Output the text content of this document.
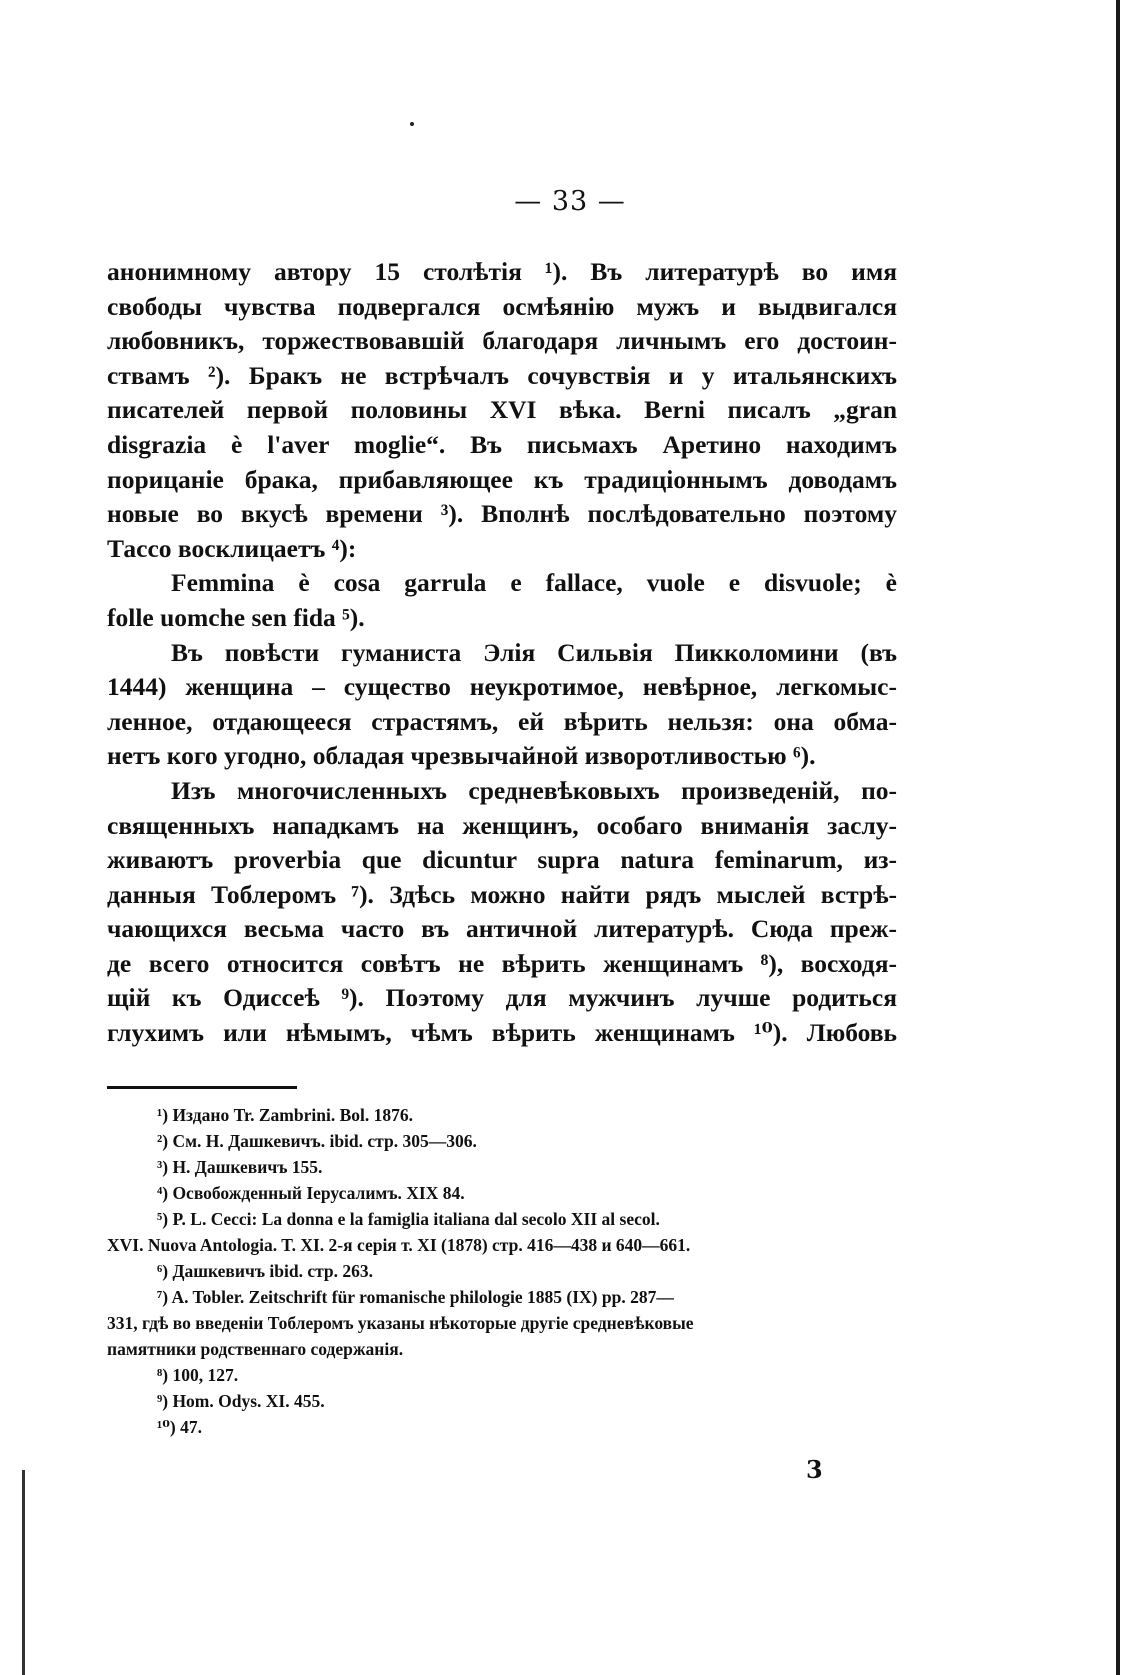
— 33 —

анонимному автору 15 столѣтія ¹). Въ литературѣ во имя
свободы чувства подвергался осмѣянію мужъ и выдвигался
любовникъ, торжествовавшій благодаря личнымъ его достоин-
ствамъ ²). Бракъ не встрѣчалъ сочувствія и у итальянскихъ
писателей первой половины XVI вѣка. Berni писалъ „gran
disgrazia è l'aver moglie“. Въ письмахъ Аретино находимъ
порицаніе брака, прибавляющее къ традиціоннымъ доводамъ
новые во вкусѣ времени ³). Вполнѣ послѣдовательно поэтому
Тассо восклицаетъ ⁴):

Femmina è cosa garrula e fallace, vuole e disvuole; è
folle uomche sen fida ⁵).

Въ повѣсти гуманиста Элія Сильвія Пикколомини (въ
1444) женщина – существо неукротимое, невѣрное, легкомыс-
ленное, отдающееся страстямъ, ей вѣрить нельзя: она обма-
нетъ кого угодно, обладая чрезвычайной изворотливостью ⁶).

Изъ многочисленныхъ средневѣковыхъ произведеній, по-
священныхъ нападкамъ на женщинъ, особаго вниманія заслу-
живаютъ proverbia que dicuntur supra natura feminarum, из-
данныя Тоблеромъ ⁷). Здѣсь можно найти рядъ мыслей встрѣ-
чающихся весьма часто въ античной литературѣ. Сюда преж-
де всего относится совѣтъ не вѣрить женщинамъ ⁸), восходя-
щій къ Одиссеѣ ⁹). Поэтому для мужчинъ лучше родиться
глухимъ или нѣмымъ, чѣмъ вѣрить женщинамъ ¹⁰). Любовь

¹) Издано Tr. Zambrini. Bol. 1876.

²) См. Н. Дашкевичъ. ibid. стр. 305—306.

³) Н. Дашкевичъ 155.

⁴) Освобожденный Іерусалимъ. XIX 84.

⁵) P. L. Cecci: La donna e la famiglia italiana dal secolo XII al secol.
XVI. Nuova Antologia. T. XI. 2-я серія т. XI (1878) стр. 416—438 и 640—661.

⁶) Дашкевичъ ibid. стр. 263.

⁷) A. Tobler. Zeitschrift für romanische philologie 1885 (IX) pp. 287—
331, гдѣ во введеніи Тоблеромъ указаны нѣкоторые другіе средневѣковые
памятники родственнаго содержанія.

⁸) 100, 127.

⁹) Hom. Odys. XI. 455.

¹⁰) 47.

3
